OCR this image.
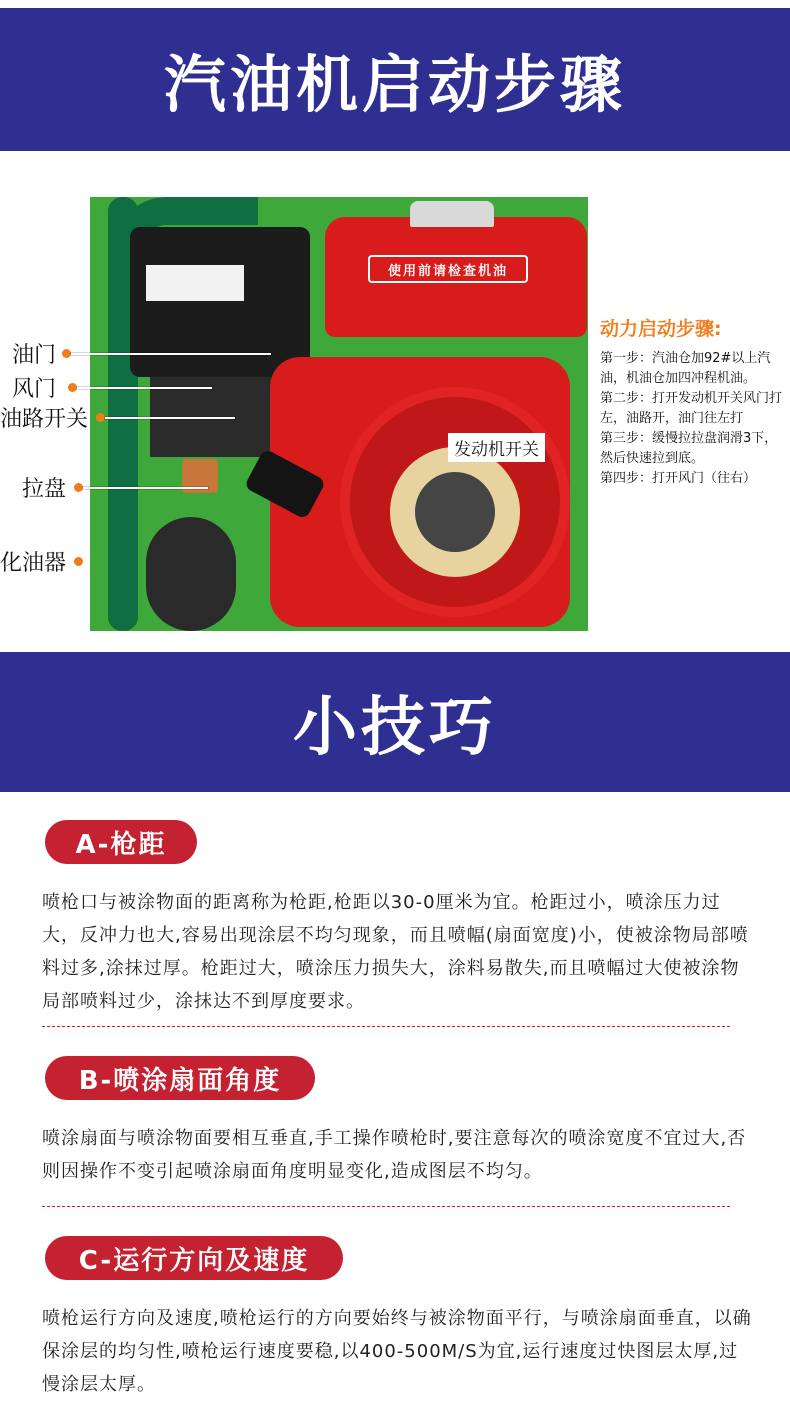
汽油机启动步骤
使用前请检查机油
发动机开关
油门
风门
油路开关
拉盘
化油器
动力启动步骤:

第一步：汽油仓加92#以上汽油，机油仓加四冲程机油。

第二步：打开发动机开关风门打左，油路开，油门往左打

第三步：缓慢拉拉盘润滑3下，然后快速拉到底。

第四步：打开风门（往右）

小技巧
A-枪距
喷枪口与被涂物面的距离称为枪距,枪距以30-0厘米为宜。枪距过小，喷涂压力过大，反冲力也大,容易出现涂层不均匀现象，而且喷幅(扇面宽度)小，使被涂物局部喷料过多,涂抹过厚。枪距过大，喷涂压力损失大，涂料易散失,而且喷幅过大使被涂物局部喷料过少，涂抹达不到厚度要求。
B-喷涂扇面角度
喷涂扇面与喷涂物面要相互垂直,手工操作喷枪时,要注意每次的喷涂宽度不宜过大,否则因操作不变引起喷涂扇面角度明显变化,造成图层不均匀。
C-运行方向及速度
喷枪运行方向及速度,喷枪运行的方向要始终与被涂物面平行，与喷涂扇面垂直，以确保涂层的均匀性,喷枪运行速度要稳,以400-500M/S为宜,运行速度过快图层太厚,过慢涂层太厚。
